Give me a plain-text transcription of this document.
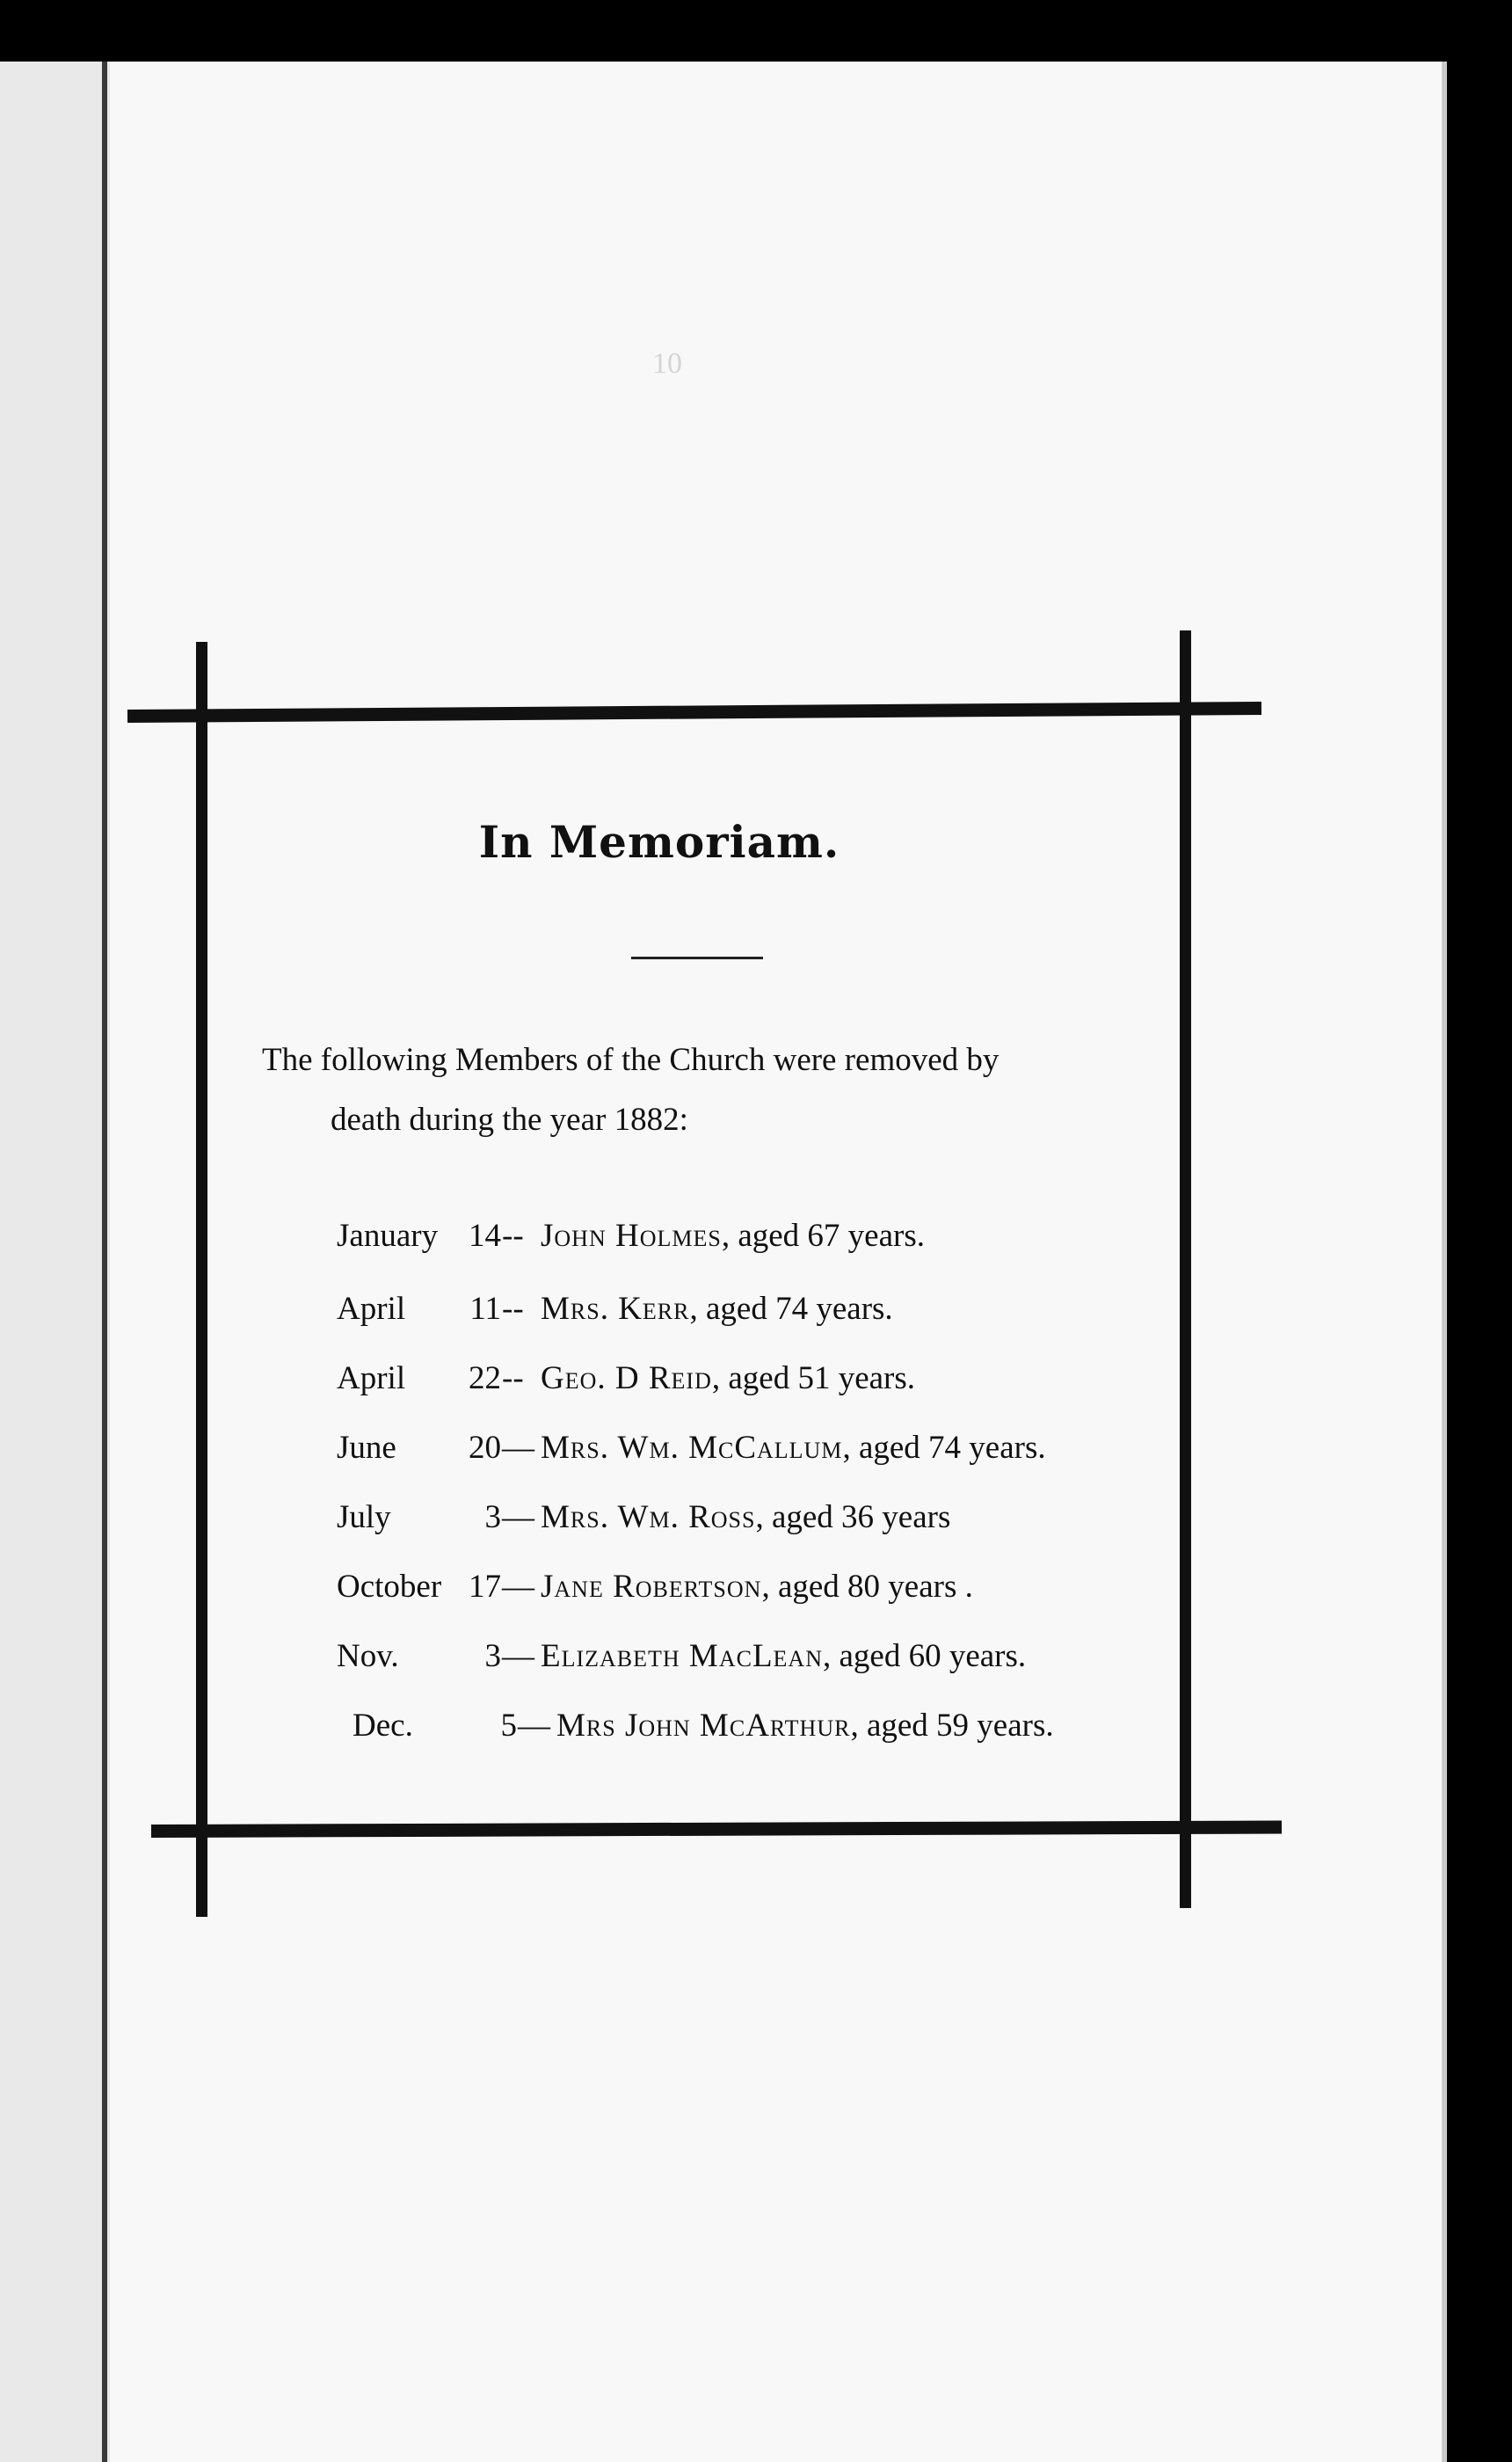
10
In Memoriam.
The following Members of the Church were removed by
death during the year 1882:
January 14 -- John Holmes, aged 67 years.
April	11 -- Mrs. Kerr, aged 74 years.
April	22 -- Geo. D Reid, aged 51 years.
June	20 — Mrs. Wm. McCallum, aged 74 years.
July	3 — Mrs. Wm. Ross, aged 36 years
October 17 — Jane Robertson, aged 80 years .
Nov.	3 — Elizabeth MacLean, aged 60 years.
Dec.	5 — Mrs John McArthur, aged 59 years.
